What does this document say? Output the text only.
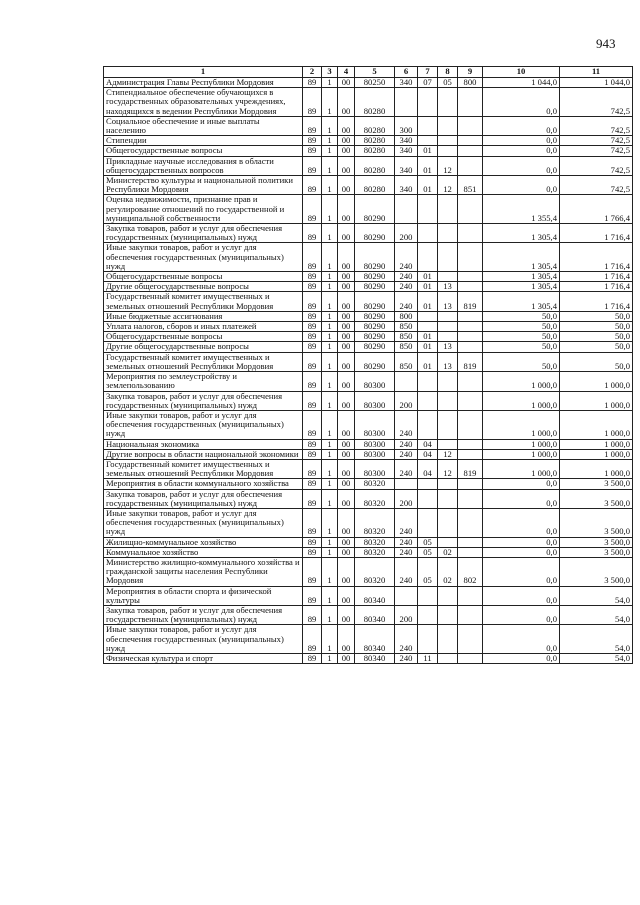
943
1	2	3	4	5	6	7	8	9	10	11
Администрация Главы Республики Мордовия	89	1	00	80250	340	07	05	800	1 044,0	1 044,0
Стипендиальное обеспечение обучающихся в государственных образовательных учреждениях, находящихся в ведении Республики Мордовия	89	1	00	80280					0,0	742,5
Социальное обеспечение и иные выплаты населению	89	1	00	80280	300				0,0	742,5
Стипендии	89	1	00	80280	340				0,0	742,5
Общегосударственные вопросы	89	1	00	80280	340	01			0,0	742,5
Прикладные научные исследования в области общегосударственных вопросов	89	1	00	80280	340	01	12		0,0	742,5
Министерство культуры и национальной политики Республики Мордовия	89	1	00	80280	340	01	12	851	0,0	742,5
Оценка недвижимости, признание прав и регулирование отношений по государственной и муниципальной собственности	89	1	00	80290					1 355,4	1 766,4
Закупка товаров, работ и услуг для обеспечения государственных (муниципальных) нужд	89	1	00	80290	200				1 305,4	1 716,4
Иные закупки товаров, работ и услуг для обеспечения государственных (муниципальных) нужд	89	1	00	80290	240				1 305,4	1 716,4
Общегосударственные вопросы	89	1	00	80290	240	01			1 305,4	1 716,4
Другие общегосударственные вопросы	89	1	00	80290	240	01	13		1 305,4	1 716,4
Государственный комитет имущественных и земельных отношений Республики Мордовия	89	1	00	80290	240	01	13	819	1 305,4	1 716,4
Иные бюджетные ассигнования	89	1	00	80290	800				50,0	50,0
Уплата налогов, сборов и иных платежей	89	1	00	80290	850				50,0	50,0
Общегосударственные вопросы	89	1	00	80290	850	01			50,0	50,0
Другие общегосударственные вопросы	89	1	00	80290	850	01	13		50,0	50,0
Государственный комитет имущественных и земельных отношений Республики Мордовия	89	1	00	80290	850	01	13	819	50,0	50,0
Мероприятия по землеустройству и землепользованию	89	1	00	80300					1 000,0	1 000,0
Закупка товаров, работ и услуг для обеспечения государственных (муниципальных) нужд	89	1	00	80300	200				1 000,0	1 000,0
Иные закупки товаров, работ и услуг для обеспечения государственных (муниципальных) нужд	89	1	00	80300	240				1 000,0	1 000,0
Национальная экономика	89	1	00	80300	240	04			1 000,0	1 000,0
Другие вопросы в области национальной экономики	89	1	00	80300	240	04	12		1 000,0	1 000,0
Государственный комитет имущественных и земельных отношений Республики Мордовия	89	1	00	80300	240	04	12	819	1 000,0	1 000,0
Мероприятия в области коммунального хозяйства	89	1	00	80320					0,0	3 500,0
Закупка товаров, работ и услуг для обеспечения государственных (муниципальных) нужд	89	1	00	80320	200				0,0	3 500,0
Иные закупки товаров, работ и услуг для обеспечения государственных (муниципальных) нужд	89	1	00	80320	240				0,0	3 500,0
Жилищно-коммунальное хозяйство	89	1	00	80320	240	05			0,0	3 500,0
Коммунальное хозяйство	89	1	00	80320	240	05	02		0,0	3 500,0
Министерство жилищно-коммунального хозяйства и гражданской защиты населения Республики Мордовия	89	1	00	80320	240	05	02	802	0,0	3 500,0
Мероприятия в области спорта и физической культуры	89	1	00	80340					0,0	54,0
Закупка товаров, работ и услуг для обеспечения государственных (муниципальных) нужд	89	1	00	80340	200				0,0	54,0
Иные закупки товаров, работ и услуг для обеспечения государственных (муниципальных) нужд	89	1	00	80340	240				0,0	54,0
Физическая культура и спорт	89	1	00	80340	240	11			0,0	54,0
